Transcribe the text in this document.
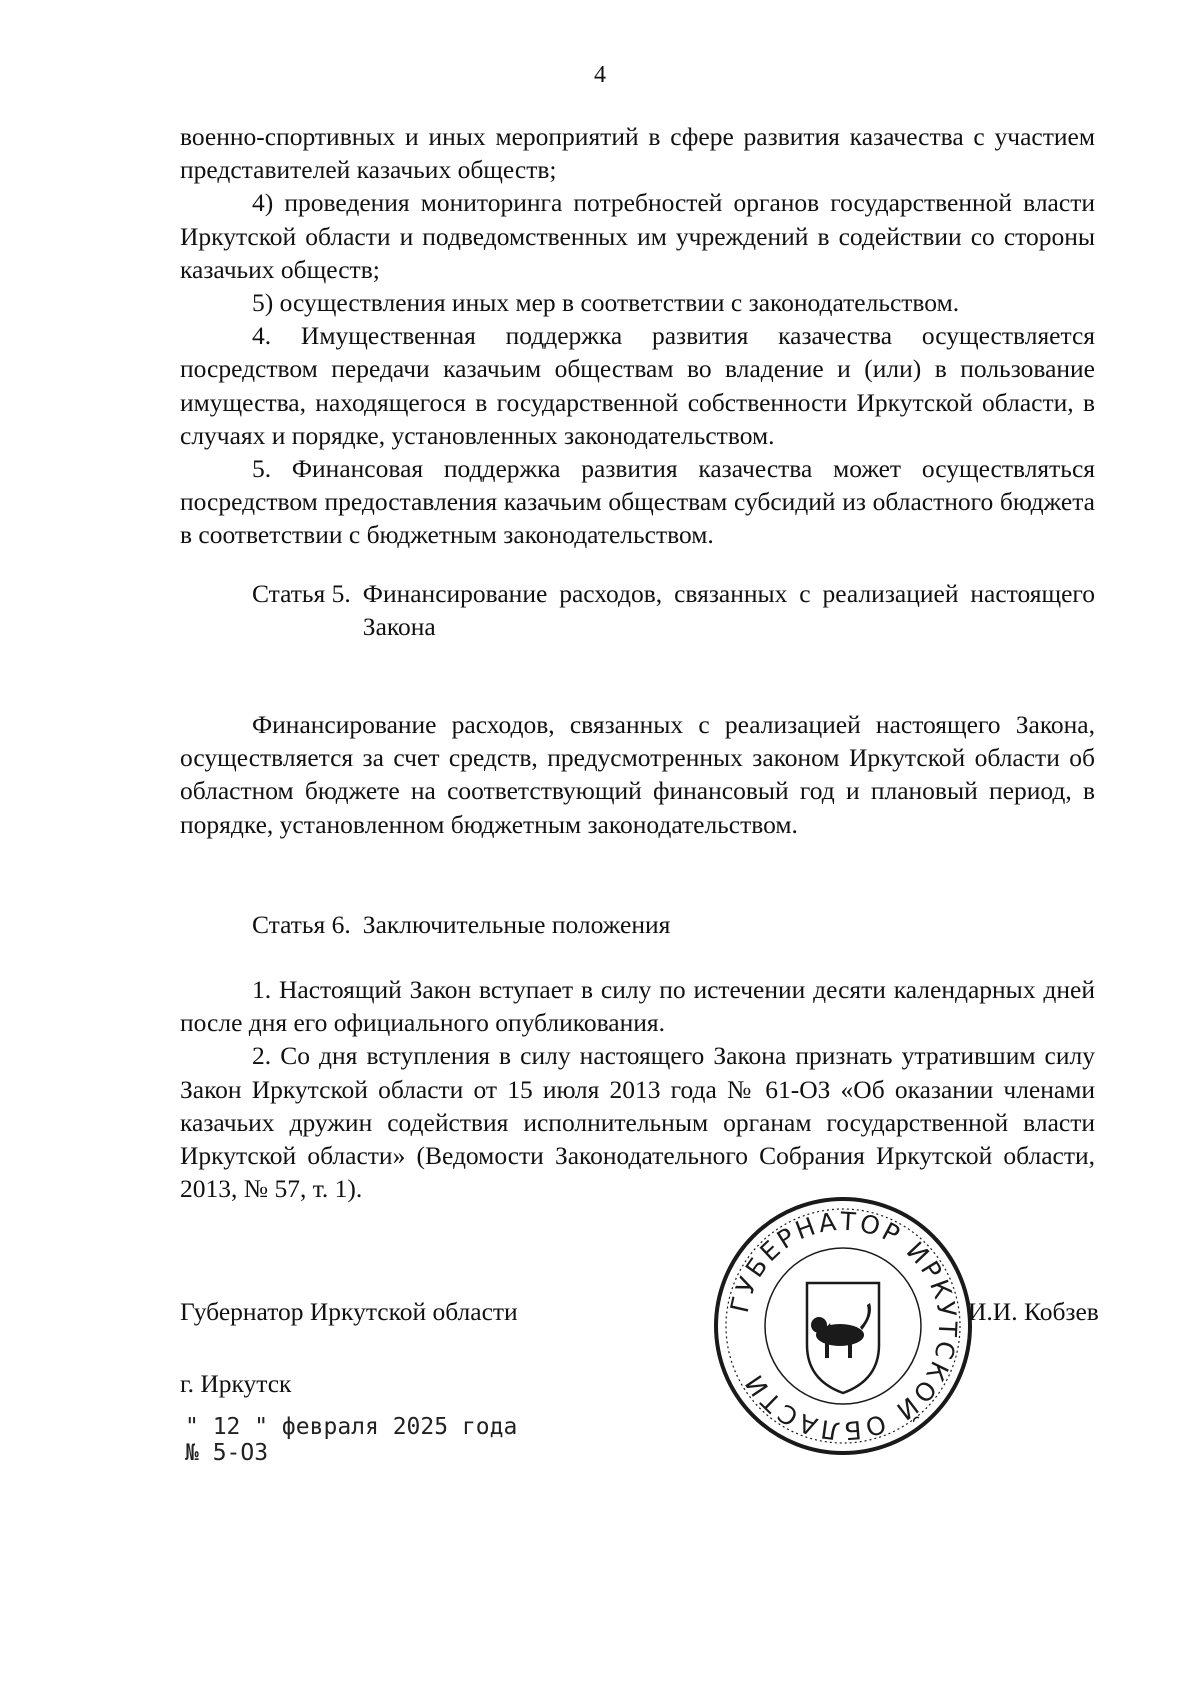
4

военно-спортивных и иных мероприятий в сфере развития казачества с участием представителей казачьих обществ;

4) проведения мониторинга потребностей органов государственной власти Иркутской области и подведомственных им учреждений в содействии со стороны казачьих обществ;

5) осуществления иных мер в соответствии с законодательством.

4. Имущественная поддержка развития казачества осуществляется посредством передачи казачьим обществам во владение и (или) в пользование имущества, находящегося в государственной собственности Иркутской области, в случаях и порядке, установленных законодательством.

5. Финансовая поддержка развития казачества может осуществляться посредством предоставления казачьим обществам субсидий из областного бюджета в соответствии с бюджетным законодательством.

Статья 5. Финансирование расходов, связанных с реализацией настоящего Закона

Финансирование расходов, связанных с реализацией настоящего Закона, осуществляется за счет средств, предусмотренных законом Иркутской области об областном бюджете на соответствующий финансовый год и плановый период, в порядке, установленном бюджетным законодательством.

Статья 6. Заключительные положения

1. Настоящий Закон вступает в силу по истечении десяти календарных дней после дня его официального опубликования.

2. Со дня вступления в силу настоящего Закона признать утратившим силу Закон Иркутской области от 15 июля 2013 года № 61-ОЗ «Об оказании членами казачьих дружин содействия исполнительным органам государственной власти Иркутской области» (Ведомости Законодательного Собрания Иркутской области, 2013, № 57, т. 1).

ГУБЕРНАТОР ИРКУТСКОЙ ОБЛАСТИ
Губернатор Иркутской области	И.И. Кобзев
г. Иркутск
" 12 " февраля 2025 года
№ 5-ОЗ
